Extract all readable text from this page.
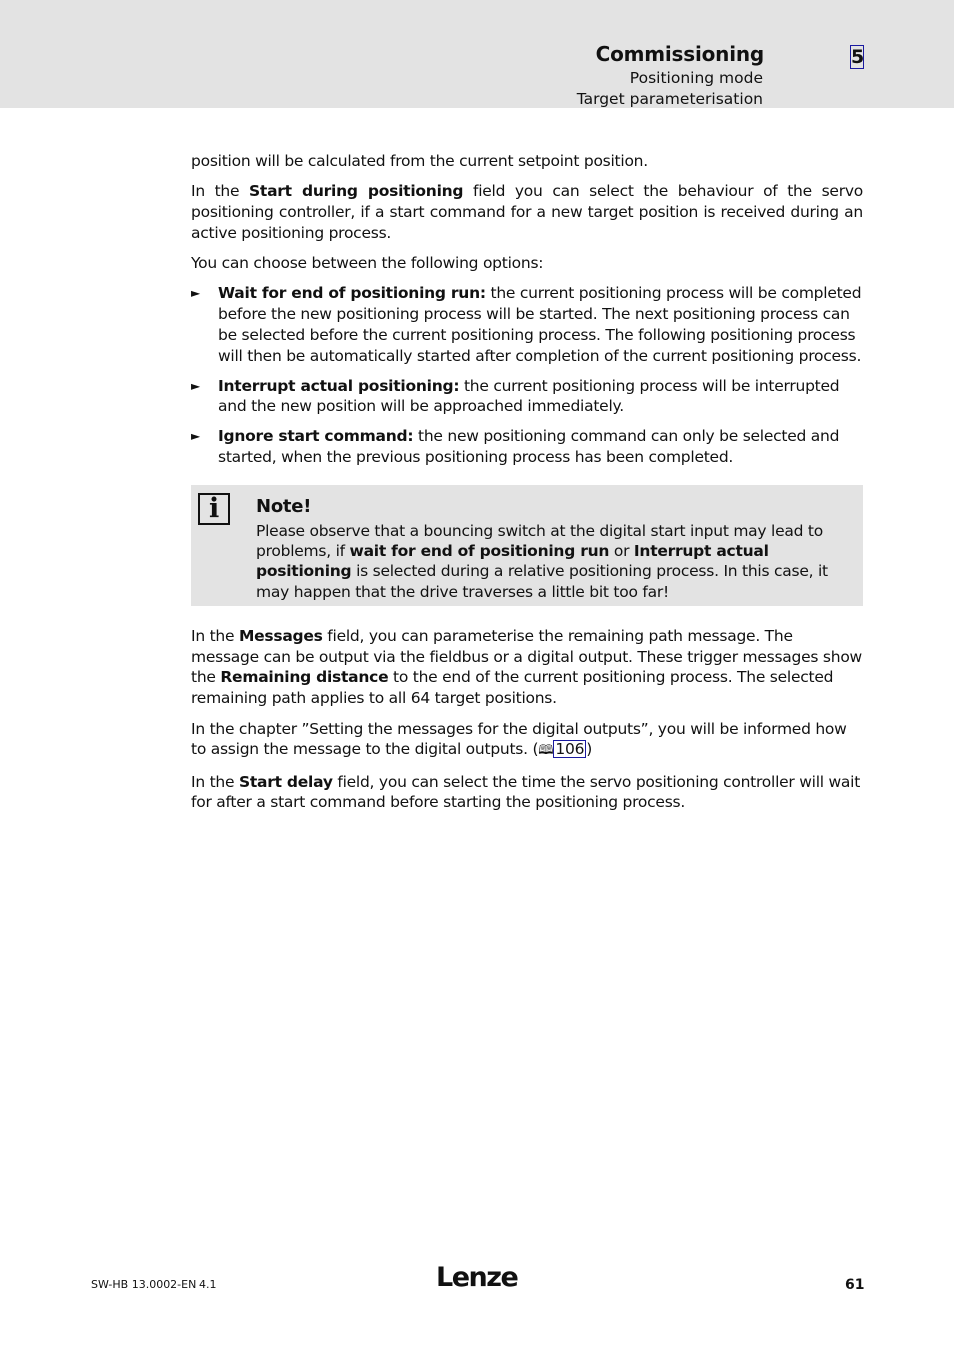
Commissioning	5
Positioning mode
Target parameterisation

position will be calculated from the current setpoint position.

In the Start during positioning field you can select the behaviour of the servo positioning controller, if a start command for a new target position is received during an active positioning process.

You can choose between the following options:

► Wait for end of positioning run: the current positioning process will be completed before the new positioning process will be started. The next positioning process can be selected before the current positioning process. The following positioning process will then be automatically started after completion of the current positioning process.
► Interrupt actual positioning: the current positioning process will be interrupted and the new position will be approached immediately.
► Ignore start command: the new positioning command can only be selected and started, when the previous positioning process has been completed.
i	Note!
Please observe that a bouncing switch at the digital start input may lead to problems, if wait for end of positioning run or Interrupt actual positioning is selected during a relative positioning process. In this case, it may happen that the drive traverses a little bit too far!

In the Messages field, you can parameterise the remaining path message. The message can be output via the fieldbus or a digital output. These trigger messages show the Remaining distance to the end of the current positioning process. The selected remaining path applies to all 64 target positions.

In the chapter ”Setting the messages for the digital outputs”, you will be informed how to assign the message to the digital outputs. (🕮 106 )

In the Start delay field, you can select the time the servo positioning controller will wait for after a start command before starting the positioning process.

SW-HB 13.0002-EN 4.1	Lenze	61
